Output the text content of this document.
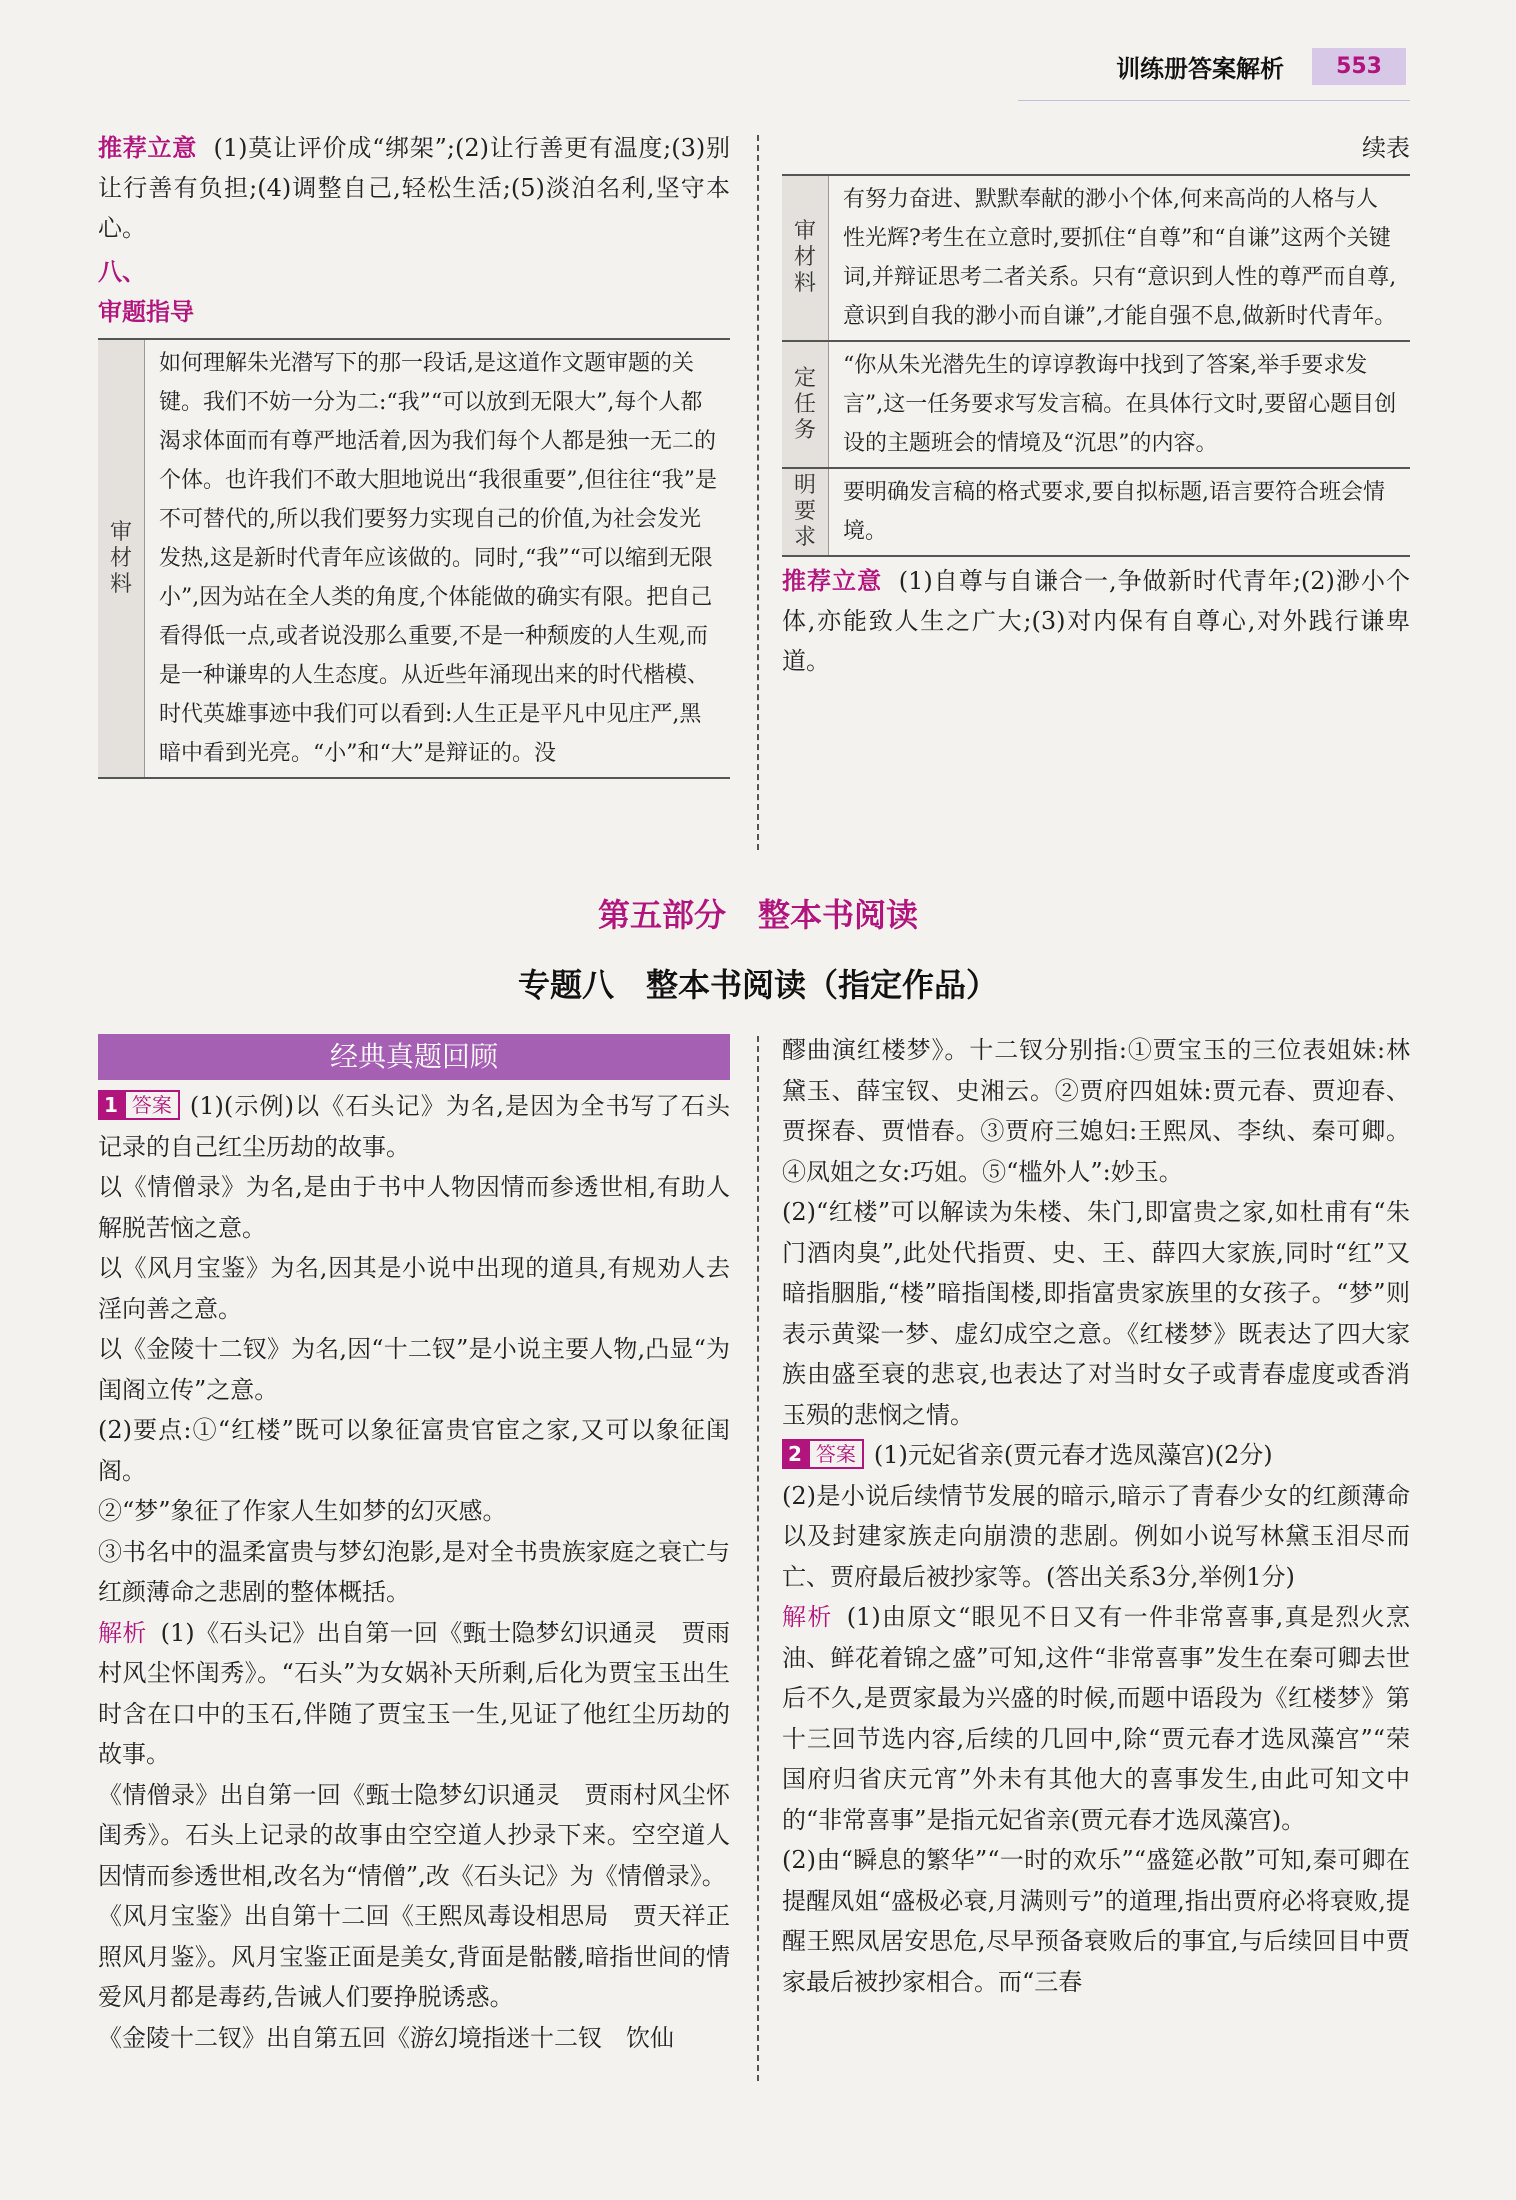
训练册答案解析	553

推荐立意 (1)莫让评价成“绑架”;(2)让行善更有温度;(3)别让行善有负担;(4)调整自己,轻松生活;(5)淡泊名利,坚守本心。

八、
审题指导
审材料	如何理解朱光潜写下的那一段话,是这道作文题审题的关键。我们不妨一分为二:“我”“可以放到无限大”,每个人都渴求体面而有尊严地活着,因为我们每个人都是独一无二的个体。也许我们不敢大胆地说出“我很重要”,但往往“我”是不可替代的,所以我们要努力实现自己的价值,为社会发光发热,这是新时代青年应该做的。同时,“我”“可以缩到无限小”,因为站在全人类的角度,个体能做的确实有限。把自己看得低一点,或者说没那么重要,不是一种颓废的人生观,而是一种谦卑的人生态度。从近些年涌现出来的时代楷模、时代英雄事迹中我们可以看到:人生正是平凡中见庄严,黑暗中看到光亮。“小”和“大”是辩证的。没
续表
审材料	有努力奋进、默默奉献的渺小个体,何来高尚的人格与人性光辉?考生在立意时,要抓住“自尊”和“自谦”这两个关键词,并辩证思考二者关系。只有“意识到人性的尊严而自尊,意识到自我的渺小而自谦”,才能自强不息,做新时代青年。
定任务	“你从朱光潜先生的谆谆教诲中找到了答案,举手要求发言”,这一任务要求写发言稿。在具体行文时,要留心题目创设的主题班会的情境及“沉思”的内容。
明要求	要明确发言稿的格式要求,要自拟标题,语言要符合班会情境。

推荐立意 (1)自尊与自谦合一,争做新时代青年;(2)渺小个体,亦能致人生之广大;(3)对内保有自尊心,对外践行谦卑道。

第五部分　整本书阅读
专题八　整本书阅读（指定作品）
经典真题回顾

1 答案 (1)(示例)以《石头记》为名,是因为全书写了石头记录的自己红尘历劫的故事。

以《情僧录》为名,是由于书中人物因情而参透世相,有助人解脱苦恼之意。

以《风月宝鉴》为名,因其是小说中出现的道具,有规劝人去淫向善之意。

以《金陵十二钗》为名,因“十二钗”是小说主要人物,凸显“为闺阁立传”之意。

(2)要点:①“红楼”既可以象征富贵官宦之家,又可以象征闺阁。

②“梦”象征了作家人生如梦的幻灭感。

③书名中的温柔富贵与梦幻泡影,是对全书贵族家庭之衰亡与红颜薄命之悲剧的整体概括。

解析 (1)《石头记》出自第一回《甄士隐梦幻识通灵　贾雨村风尘怀闺秀》。“石头”为女娲补天所剩,后化为贾宝玉出生时含在口中的玉石,伴随了贾宝玉一生,见证了他红尘历劫的故事。

《情僧录》出自第一回《甄士隐梦幻识通灵　贾雨村风尘怀闺秀》。石头上记录的故事由空空道人抄录下来。空空道人因情而参透世相,改名为“情僧”,改《石头记》为《情僧录》。

《风月宝鉴》出自第十二回《王熙凤毒设相思局　贾天祥正照风月鉴》。风月宝鉴正面是美女,背面是骷髅,暗指世间的情爱风月都是毒药,告诫人们要挣脱诱惑。

《金陵十二钗》出自第五回《游幻境指迷十二钗　饮仙

醪曲演红楼梦》。十二钗分别指:①贾宝玉的三位表姐妹:林黛玉、薛宝钗、史湘云。②贾府四姐妹:贾元春、贾迎春、贾探春、贾惜春。③贾府三媳妇:王熙凤、李纨、秦可卿。④凤姐之女:巧姐。⑤“槛外人”:妙玉。

(2)“红楼”可以解读为朱楼、朱门,即富贵之家,如杜甫有“朱门酒肉臭”,此处代指贾、史、王、薛四大家族,同时“红”又暗指胭脂,“楼”暗指闺楼,即指富贵家族里的女孩子。“梦”则表示黄粱一梦、虚幻成空之意。《红楼梦》既表达了四大家族由盛至衰的悲哀,也表达了对当时女子或青春虚度或香消玉殒的悲悯之情。

2 答案 (1)元妃省亲(贾元春才选凤藻宫)(2分)

(2)是小说后续情节发展的暗示,暗示了青春少女的红颜薄命以及封建家族走向崩溃的悲剧。例如小说写林黛玉泪尽而亡、贾府最后被抄家等。(答出关系3分,举例1分)

解析 (1)由原文“眼见不日又有一件非常喜事,真是烈火烹油、鲜花着锦之盛”可知,这件“非常喜事”发生在秦可卿去世后不久,是贾家最为兴盛的时候,而题中语段为《红楼梦》第十三回节选内容,后续的几回中,除“贾元春才选凤藻宫”“荣国府归省庆元宵”外未有其他大的喜事发生,由此可知文中的“非常喜事”是指元妃省亲(贾元春才选凤藻宫)。

(2)由“瞬息的繁华”“一时的欢乐”“盛筵必散”可知,秦可卿在提醒凤姐“盛极必衰,月满则亏”的道理,指出贾府必将衰败,提醒王熙凤居安思危,尽早预备衰败后的事宜,与后续回目中贾家最后被抄家相合。而“三春
